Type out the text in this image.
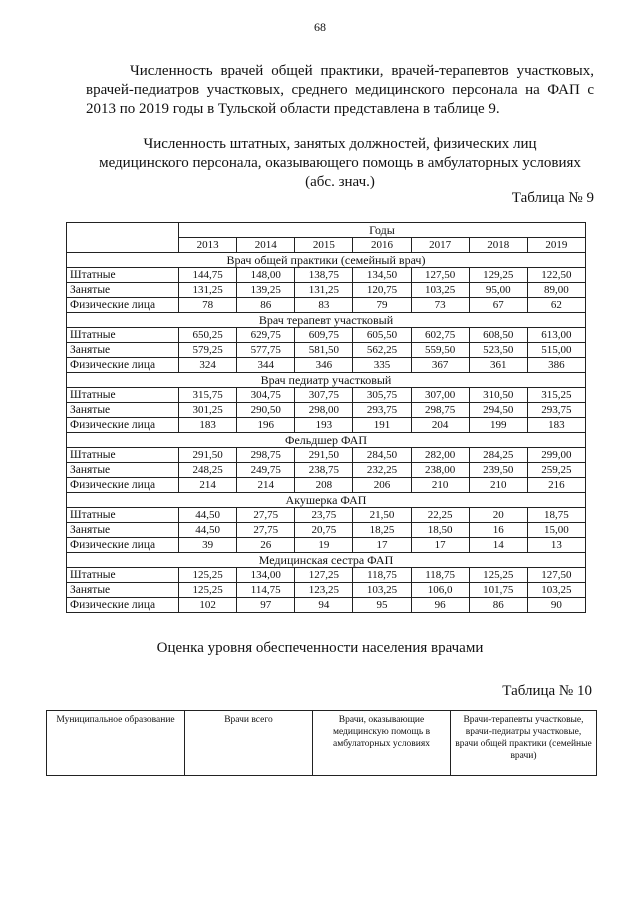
68

Численность врачей общей практики, врачей-терапевтов участковых, врачей-педиатров участковых, среднего медицинского персонала на ФАП с 2013 по 2019 годы в Тульской области представлена в таблице 9.

Численность штатных, занятых должностей, физических лиц
медицинского персонала, оказывающего помощь в амбулаторных условиях
(абс. знач.)
Таблица № 9
	Годы						
	2013	2014	2015	2016	2017	2018	2019
Врач общей практики (семейный врач)							
Штатные	144,75	148,00	138,75	134,50	127,50	129,25	122,50
Занятые	131,25	139,25	131,25	120,75	103,25	95,00	89,00
Физические лица	78	86	83	79	73	67	62
Врач терапевт участковый							
Штатные	650,25	629,75	609,75	605,50	602,75	608,50	613,00
Занятые	579,25	577,75	581,50	562,25	559,50	523,50	515,00
Физические лица	324	344	346	335	367	361	386
Врач педиатр участковый							
Штатные	315,75	304,75	307,75	305,75	307,00	310,50	315,25
Занятые	301,25	290,50	298,00	293,75	298,75	294,50	293,75
Физические лица	183	196	193	191	204	199	183
Фельдшер ФАП							
Штатные	291,50	298,75	291,50	284,50	282,00	284,25	299,00
Занятые	248,25	249,75	238,75	232,25	238,00	239,50	259,25
Физические лица	214	214	208	206	210	210	216
Акушерка ФАП							
Штатные	44,50	27,75	23,75	21,50	22,25	20	18,75
Занятые	44,50	27,75	20,75	18,25	18,50	16	15,00
Физические лица	39	26	19	17	17	14	13
Медицинская сестра ФАП							
Штатные	125,25	134,00	127,25	118,75	118,75	125,25	127,50
Занятые	125,25	114,75	123,25	103,25	106,0	101,75	103,25
Физические лица	102	97	94	95	96	86	90
Оценка уровня обеспеченности населения врачами
Таблица № 10
Муниципальное образование	Врачи всего	Врачи, оказывающие медицинскую помощь в амбулаторных условиях	Врачи-терапевты участковые, врачи-педиатры участковые, врачи общей практики (семейные врачи)
